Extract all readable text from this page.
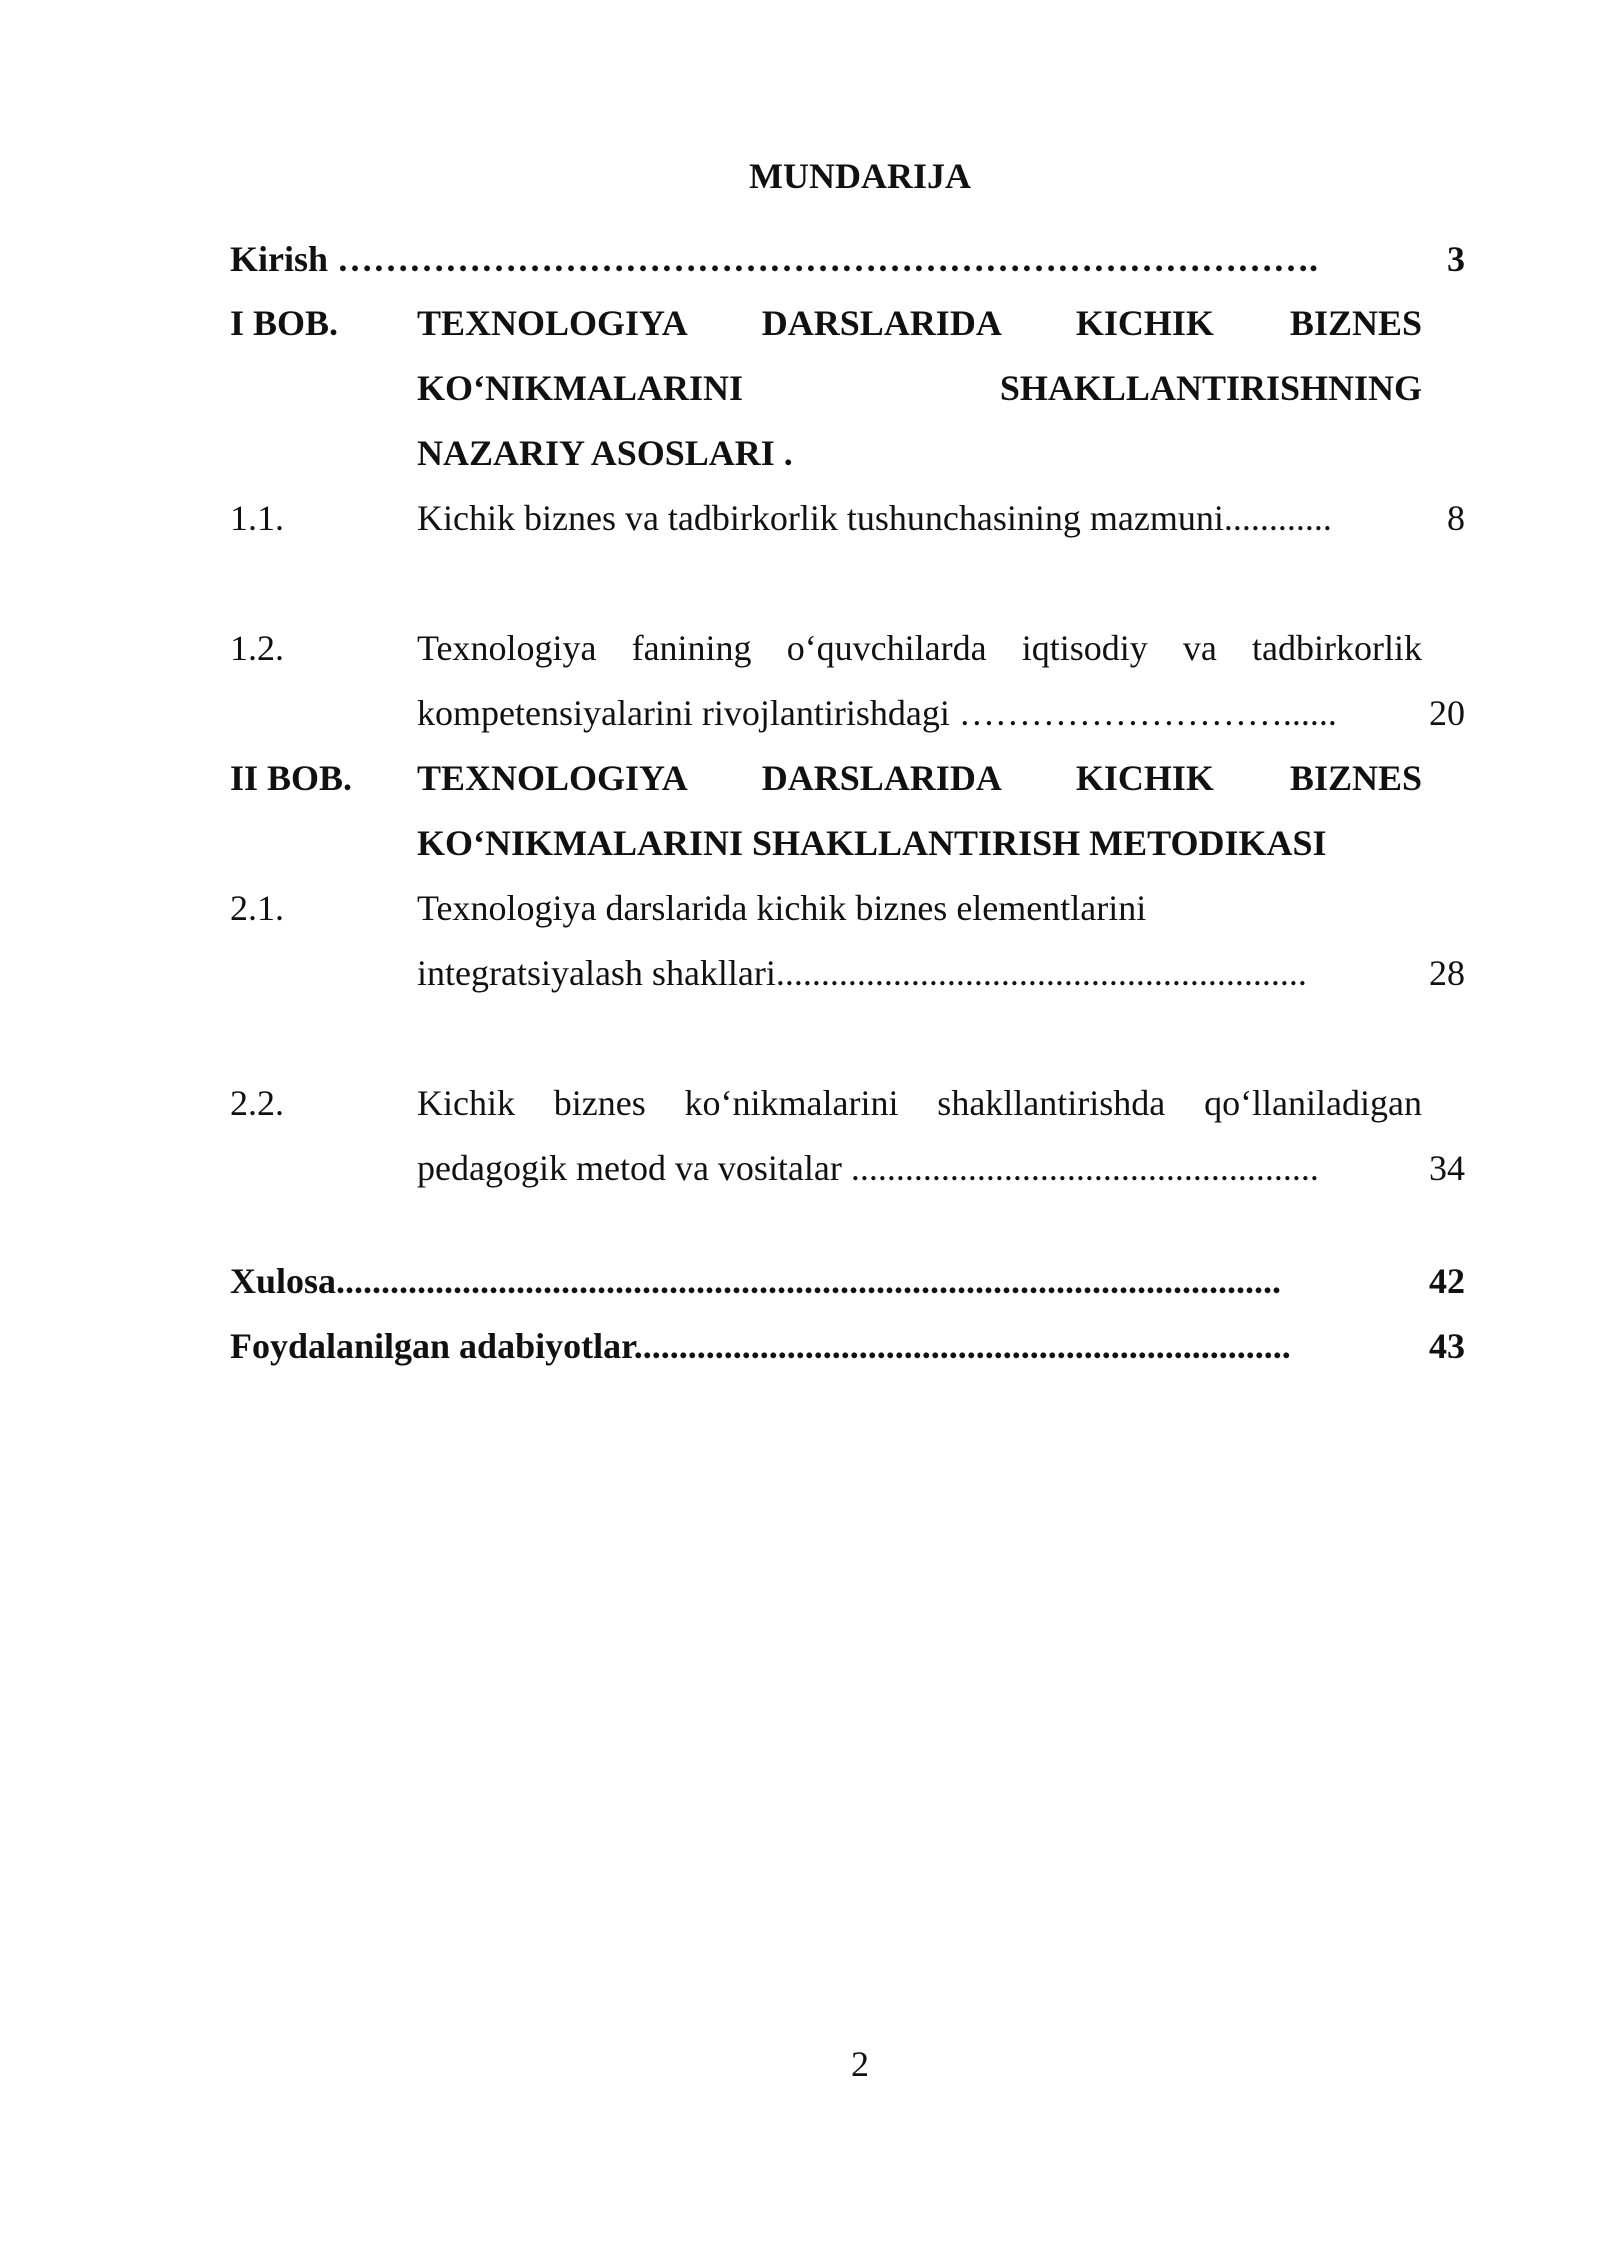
MUNDARIJA
Kirish ……………………………………………………………………….	3
I BOB. TEXNOLOGIYA DARSLARIDA KICHIK BIZNES
KO‘NIKMALARINI SHAKLLANTIRISHNING
NAZARIY ASOSLARI .
1.1.	Kichik biznes va tadbirkorlik tushunchasining mazmuni............	8
1.2.	Texnologiya fanining o‘quvchilarda iqtisodiy va tadbirkorlik
kompetensiyalarini rivojlantirishdagi ………………………......	20
II BOB. TEXNOLOGIYA DARSLARIDA KICHIK BIZNES
KO‘NIKMALARINI SHAKLLANTIRISH METODIKASI
2.1.	Texnologiya darslarida kichik biznes elementlarini
integratsiyalash shakllari...........................................................	28
2.2.	Kichik biznes ko‘nikmalarini shakllantirishda qo‘llaniladigan
pedagogik metod va vositalar ....................................................	34
Xulosa.........................................................................................................	42
Foydalanilgan adabiyotlar.........................................................................	43
2
